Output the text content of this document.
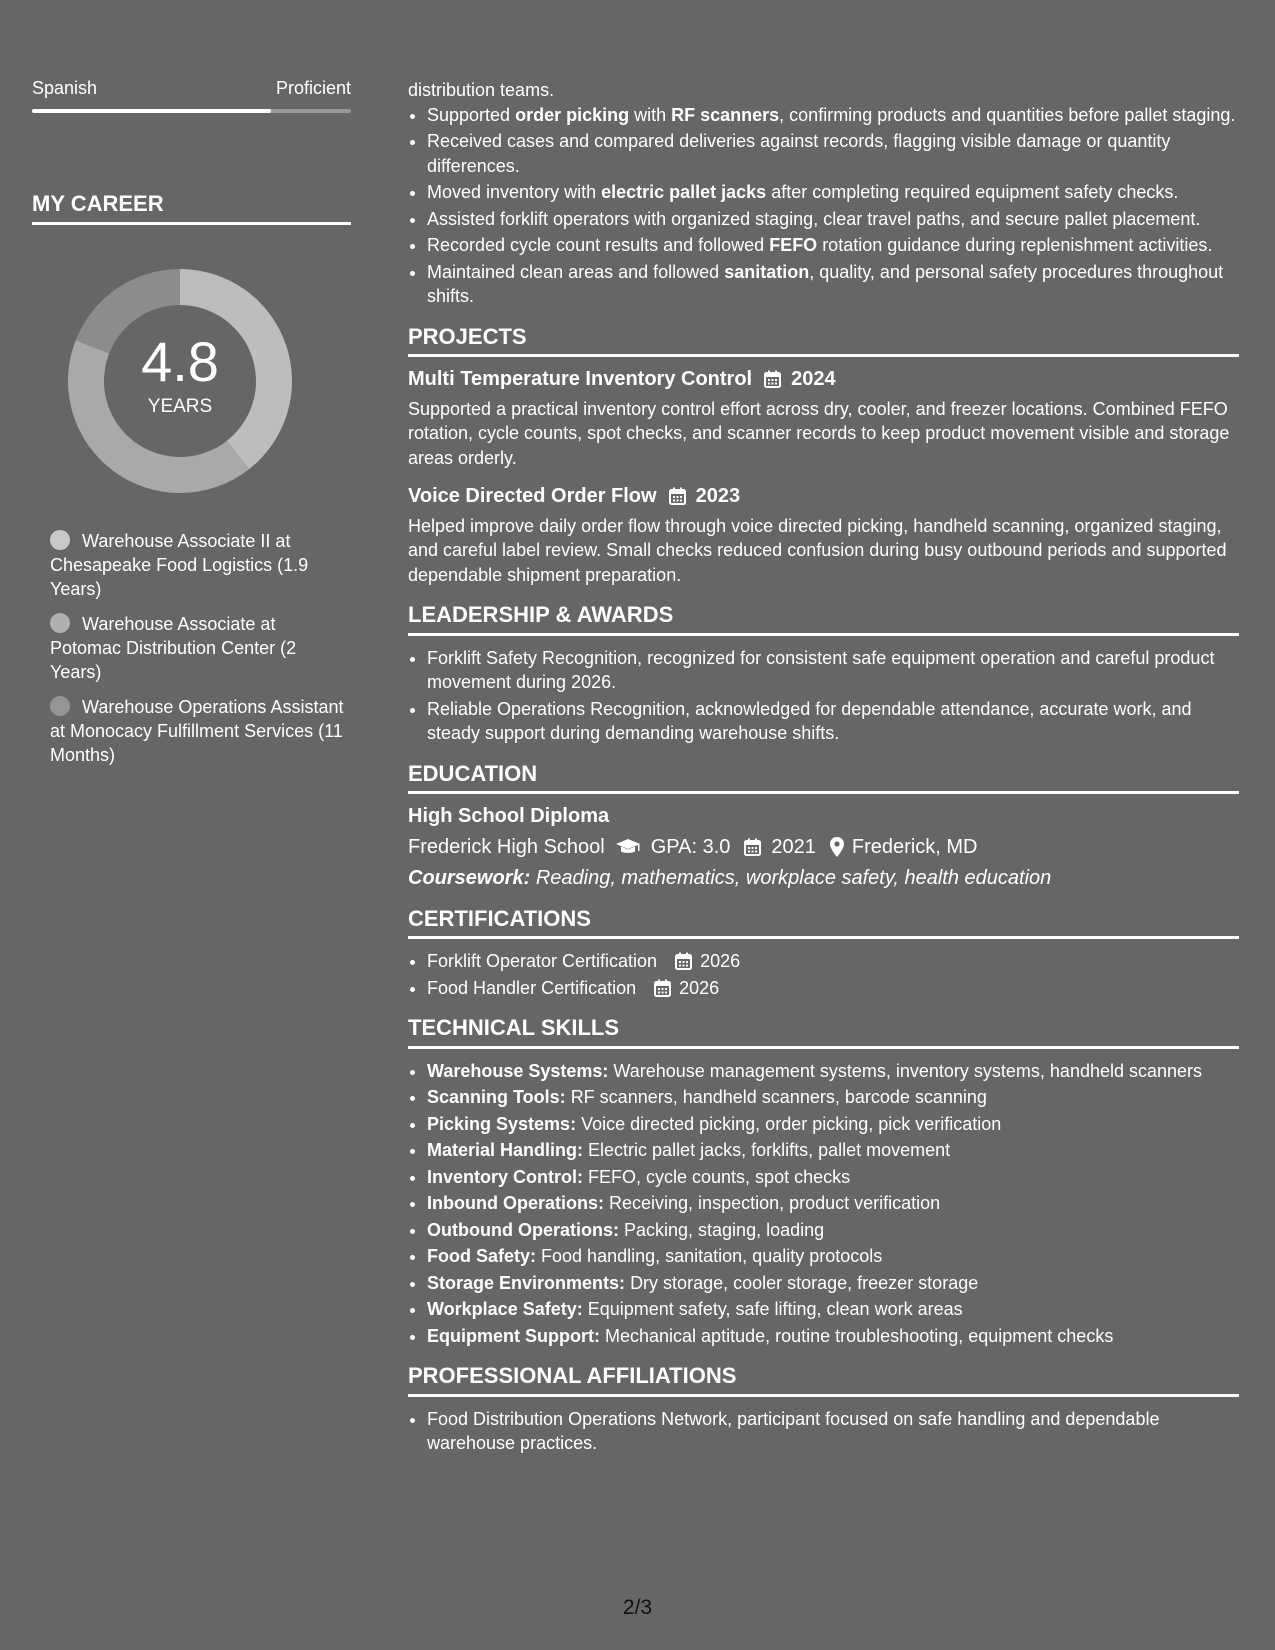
Spanish	Proficient
MY CAREER
4.8
YEARS
Warehouse Associate II at Chesapeake Food Logistics (1.9 Years)
Warehouse Associate at Potomac Distribution Center (2 Years)
Warehouse Operations Assistant at Monocacy Fulfillment Services (11 Months)
distribution teams.
• Supported order picking with RF scanners, confirming products and quantities before pallet staging.
• Received cases and compared deliveries against records, flagging visible damage or quantity differences.
• Moved inventory with electric pallet jacks after completing required equipment safety checks.
• Assisted forklift operators with organized staging, clear travel paths, and secure pallet placement.
• Recorded cycle count results and followed FEFO rotation guidance during replenishment activities.
• Maintained clean areas and followed sanitation, quality, and personal safety procedures throughout shifts.
PROJECTS
Multi Temperature Inventory Control 2024
Supported a practical inventory control effort across dry, cooler, and freezer locations. Combined FEFO rotation, cycle counts, spot checks, and scanner records to keep product movement visible and storage areas orderly.
Voice Directed Order Flow 2023
Helped improve daily order flow through voice directed picking, handheld scanning, organized staging, and careful label review. Small checks reduced confusion during busy outbound periods and supported dependable shipment preparation.
LEADERSHIP & AWARDS
• Forklift Safety Recognition, recognized for consistent safe equipment operation and careful product movement during 2026.
• Reliable Operations Recognition, acknowledged for dependable attendance, accurate work, and steady support during demanding warehouse shifts.
EDUCATION
High School Diploma
Frederick High School GPA: 3.0 2021 Frederick, MD
Coursework: Reading, mathematics, workplace safety, health education
CERTIFICATIONS
• Forklift Operator Certification 2026
• Food Handler Certification 2026
TECHNICAL SKILLS
• Warehouse Systems: Warehouse management systems, inventory systems, handheld scanners
• Scanning Tools: RF scanners, handheld scanners, barcode scanning
• Picking Systems: Voice directed picking, order picking, pick verification
• Material Handling: Electric pallet jacks, forklifts, pallet movement
• Inventory Control: FEFO, cycle counts, spot checks
• Inbound Operations: Receiving, inspection, product verification
• Outbound Operations: Packing, staging, loading
• Food Safety: Food handling, sanitation, quality protocols
• Storage Environments: Dry storage, cooler storage, freezer storage
• Workplace Safety: Equipment safety, safe lifting, clean work areas
• Equipment Support: Mechanical aptitude, routine troubleshooting, equipment checks
PROFESSIONAL AFFILIATIONS
• Food Distribution Operations Network, participant focused on safe handling and dependable warehouse practices.
2/3
